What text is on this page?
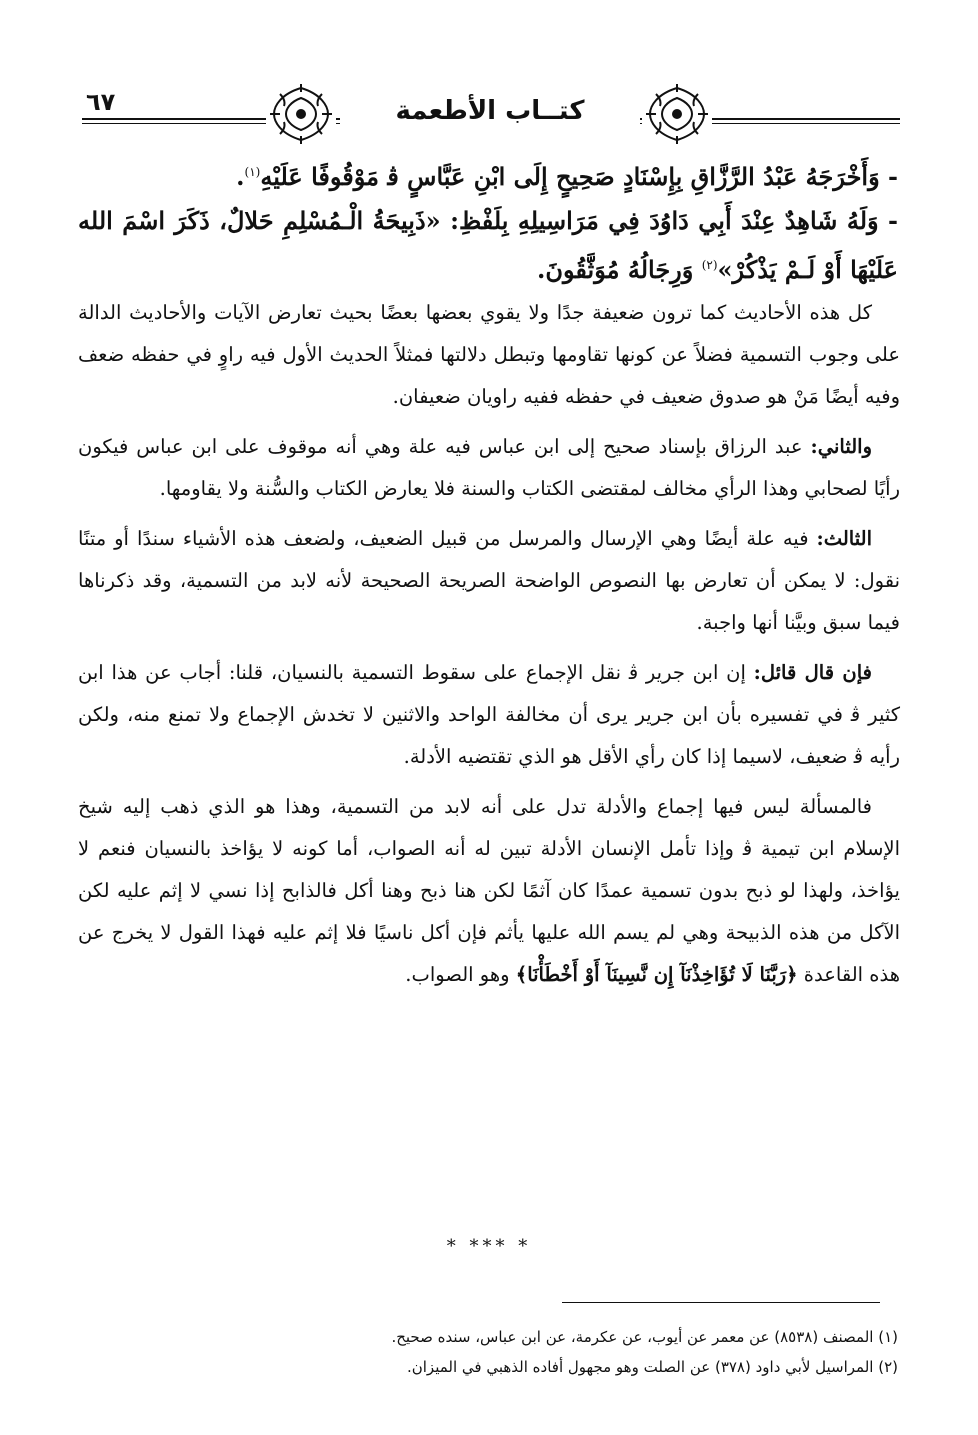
٦٧	كتــاب الأطعمة

- وَأَخْرَجَهُ عَبْدُ الرَّزَّاقِ بِإِسْنَادٍ صَحِيحٍ إِلَى ابْنِ عَبَّاسٍ ﭬ مَوْقُوفًا عَلَيْهِ$^{(١)}$.

- وَلَهُ شَاهِدٌ عِنْدَ أَبِي دَاوُدَ فِي مَرَاسِيلِهِ بِلَفْظِ: «ذَبِيحَةُ الْـمُسْلِمِ حَلالٌ، ذَكَرَ اسْمَ الله عَلَيْهَا أَوْ لَـمْ يَذْكُرْ»$^{(٢)}$ وَرِجَالُهُ مُوَثَّقُونَ.

كل هذه الأحاديث كما ترون ضعيفة جدًا ولا يقوي بعضها بعضًا بحيث تعارض الآيات والأحاديث الدالة على وجوب التسمية فضلاً عن كونها تقاومها وتبطل دلالتها فمثلاً الحديث الأول فيه راوٍ في حفظه ضعف وفيه أيضًا مَنْ هو صدوق ضعيف في حفظه ففيه راويان ضعيفان.

والثاني: عبد الرزاق بإسناد صحيح إلى ابن عباس فيه علة وهي أنه موقوف على ابن عباس فيكون رأيًا لصحابي وهذا الرأي مخالف لمقتضى الكتاب والسنة فلا يعارض الكتاب والسُّنة ولا يقاومها.

الثالث: فيه علة أيضًا وهي الإرسال والمرسل من قبيل الضعيف، ولضعف هذه الأشياء سندًا أو متنًا نقول: لا يمكن أن تعارض بها النصوص الواضحة الصريحة الصحيحة لأنه لابد من التسمية، وقد ذكرناها فيما سبق وبيَّنا أنها واجبة.

فإن قال قائل: إن ابن جرير ﭬ نقل الإجماع على سقوط التسمية بالنسيان، قلنا: أجاب عن هذا ابن كثير ﭬ في تفسيره بأن ابن جرير يرى أن مخالفة الواحد والاثنين لا تخدش الإجماع ولا تمنع منه، ولكن رأيه ﭬ ضعيف، لاسيما إذا كان رأي الأقل هو الذي تقتضيه الأدلة.

فالمسألة ليس فيها إجماع والأدلة تدل على أنه لابد من التسمية، وهذا هو الذي ذهب إليه شيخ الإسلام ابن تيمية ﭬ وإذا تأمل الإنسان الأدلة تبين له أنه الصواب، أما كونه لا يؤاخذ بالنسيان فنعم لا يؤاخذ، ولهذا لو ذبح بدون تسمية عمدًا كان آثمًا لكن هنا ذبح وهنا أكل فالذابح إذا نسي لا إثم عليه لكن الآكل من هذه الذبيحة وهي لم يسم الله عليها يأثم فإن أكل ناسيًا فلا إثم عليه فهذا القول لا يخرج عن هذه القاعدة ﴿رَبَّنَا لَا تُؤَاخِذْنَآ إِن نَّسِينَآ أَوْ أَخْطَأْنَا﴾ وهو الصواب.

* *** *

(١) المصنف (٨٥٣٨) عن معمر عن أيوب، عن عكرمة، عن ابن عباس، سنده صحيح.

(٢) المراسيل لأبي داود (٣٧٨) عن الصلت وهو مجهول أفاده الذهبي في الميزان.
